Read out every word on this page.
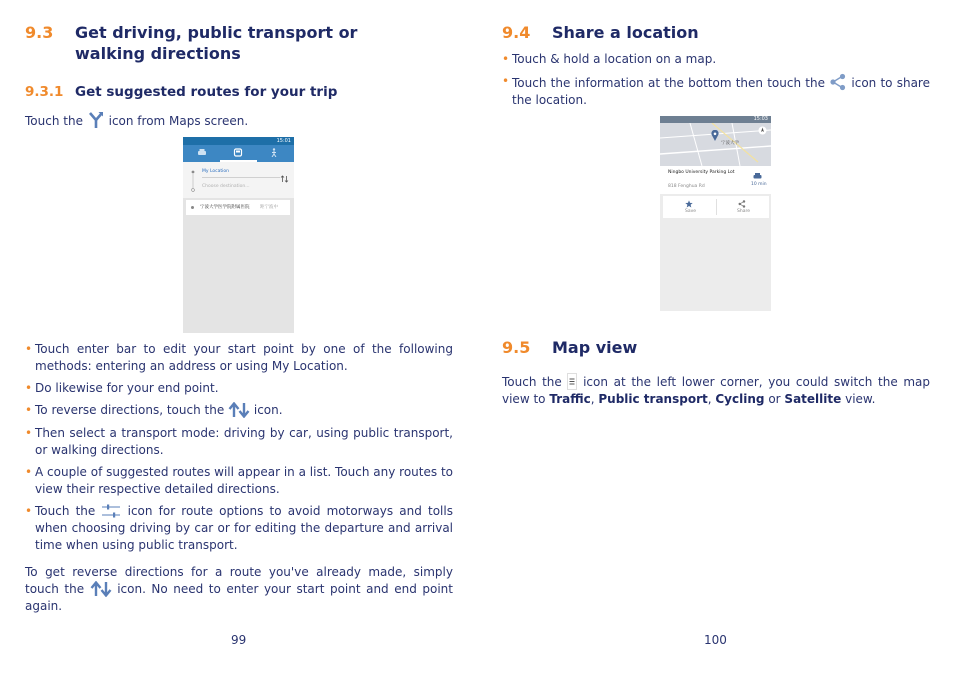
9.3 Get driving, public transport or walking directions
9.3.1 Get suggested routes for your trip
Touch the icon from Maps screen.
15:01
My Location
Choose destination...
宁波大学医学院附属医院 距宁波中
• Touch enter bar to edit your start point by one of the following methods: entering an address or using My Location.
• Do likewise for your end point.
• To reverse directions, touch the icon.
• Then select a transport mode: driving by car, using public transport, or walking directions.
• A couple of suggested routes will appear in a list. Touch any routes to view their respective detailed directions.
• Touch the	icon for route options to avoid motorways and tolls when choosing driving by car or for editing the departure and arrival time when using public transport.
To get reverse directions for a route you've already made, simply touch the	icon. No need to enter your start point and end point again.
99
9.4 Share a location
• Touch & hold a location on a map.
• Touch the information at the bottom then touch the icon to share the location.
15:03
宁波大学
Ningbo University Parking Lot
818 Fenghua Rd	10 min
Save	Share
9.5 Map view
Touch the icon at the left lower corner, you could switch the map view to Traffic, Public transport, Cycling or Satellite view.
100
